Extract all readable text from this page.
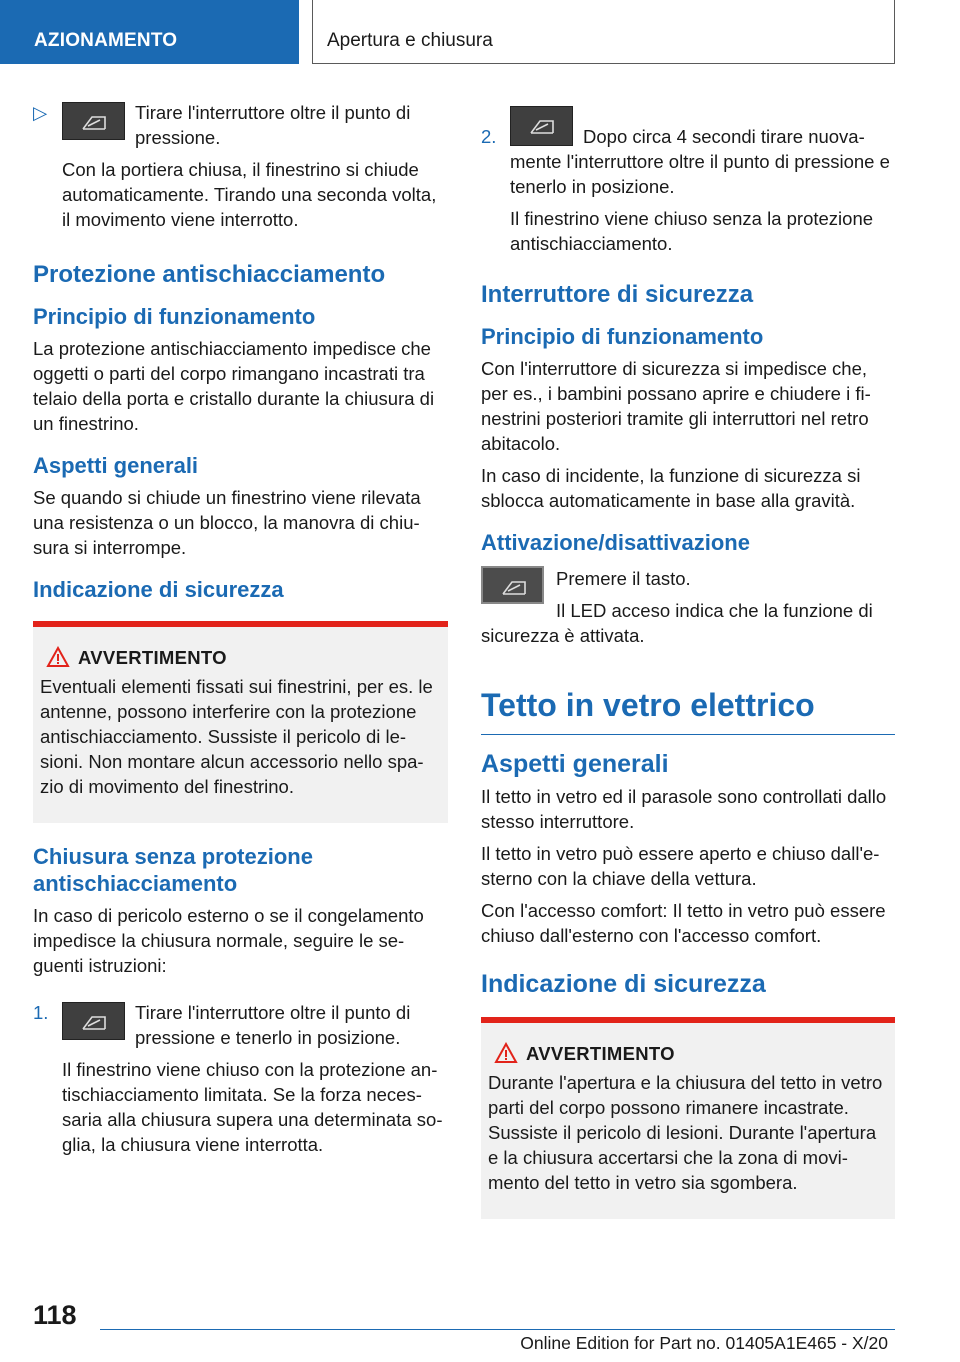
AZIONAMENTO	Apertura e chiusura
▷	Tirare l'interruttore oltre il punto di pressione.

Con la portiera chiusa, il finestrino si chiude automaticamente. Tirando una seconda volta, il movimento viene interrotto.

Protezione antischiacciamento
Principio di funzionamento

La protezione antischiacciamento impedisce che oggetti o parti del corpo rimangano incastrati tra telaio della porta e cristallo durante la chiusura di un finestrino.

Aspetti generali

Se quando si chiude un finestrino viene rilevata una resistenza o un blocco, la manovra di chiusura si interrompe.

Indicazione di sicurezza
AVVERTIMENTO

Eventuali elementi fissati sui finestrini, per es. le antenne, possono interferire con la protezione antischiacciamento. Sussiste il pericolo di lesioni. Non montare alcun accessorio nello spazio di movimento del finestrino.

Chiusura senza protezione antischiacciamento

In caso di pericolo esterno o se il congelamento impedisce la chiusura normale, seguire le seguenti istruzioni:

1.	Tirare l'interruttore oltre il punto di pressione e tenerlo in posizione.

Il finestrino viene chiuso con la protezione antischiacciamento limitata. Se la forza necessaria alla chiusura supera una determinata soglia, la chiusura viene interrotta.

2.	Dopo circa 4 secondi tirare nuovamente l'interruttore oltre il punto di pressione e tenerlo in posizione.

Il finestrino viene chiuso senza la protezione antischiacciamento.

Interruttore di sicurezza
Principio di funzionamento

Con l'interruttore di sicurezza si impedisce che, per es., i bambini possano aprire e chiudere i finestrini posteriori tramite gli interruttori nel retro abitacolo.

In caso di incidente, la funzione di sicurezza si sblocca automaticamente in base alla gravità.

Attivazione/disattivazione

Premere il tasto.

Il LED acceso indica che la funzione di sicurezza è attivata.

Tetto in vetro elettrico
Aspetti generali

Il tetto in vetro ed il parasole sono controllati dallo stesso interruttore.

Il tetto in vetro può essere aperto e chiuso dall'esterno con la chiave della vettura.

Con l'accesso comfort: Il tetto in vetro può essere chiuso dall'esterno con l'accesso comfort.

Indicazione di sicurezza
AVVERTIMENTO

Durante l'apertura e la chiusura del tetto in vetro parti del corpo possono rimanere incastrate. Sussiste il pericolo di lesioni. Durante l'apertura e la chiusura accertarsi che la zona di movimento del tetto in vetro sia sgombera.

118
Online Edition for Part no. 01405A1E465 - X/20
